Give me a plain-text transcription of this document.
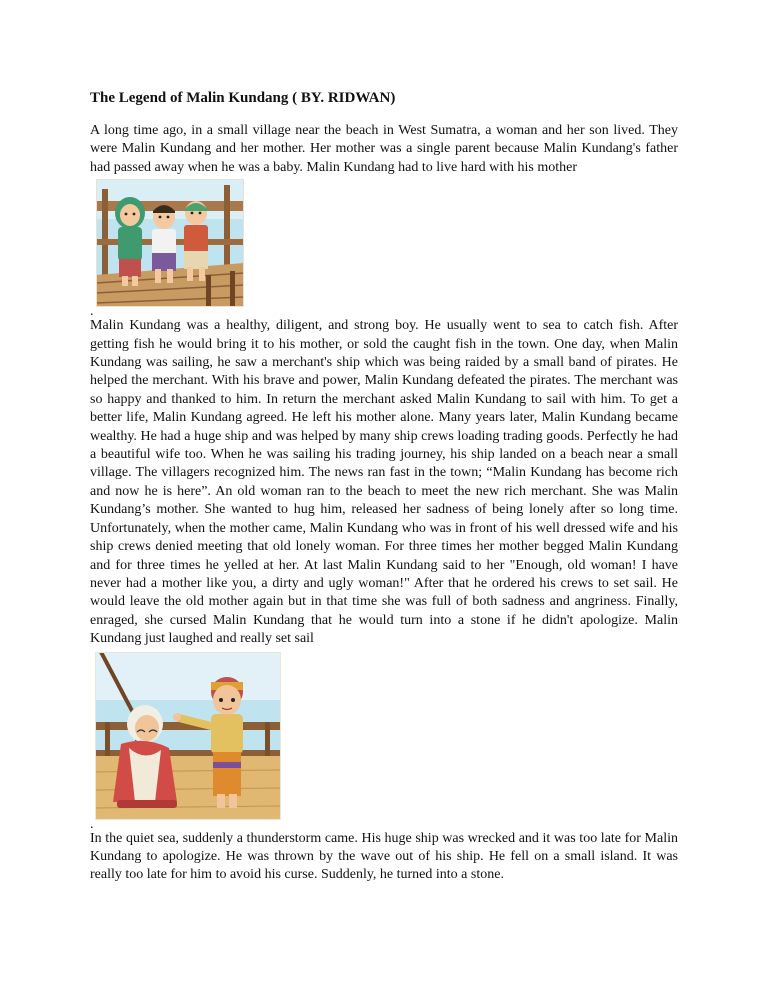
The Legend of Malin Kundang ( BY. RIDWAN)

A long time ago, in a small village near the beach in West Sumatra, a woman and her son lived. They were Malin Kundang and her mother. Her mother was a single parent because Malin Kundang's father had passed away when he was a baby. Malin Kundang had to live hard with his mother

.

Malin Kundang was a healthy, diligent, and strong boy. He usually went to sea to catch fish. After getting fish he would bring it to his mother, or sold the caught fish in the town. One day, when Malin Kundang was sailing, he saw a merchant's ship which was being raided by a small band of pirates. He helped the merchant. With his brave and power, Malin Kundang defeated the pirates. The merchant was so happy and thanked to him. In return the merchant asked Malin Kundang to sail with him. To get a better life, Malin Kundang agreed. He left his mother alone. Many years later, Malin Kundang became wealthy. He had a huge ship and was helped by many ship crews loading trading goods. Perfectly he had a beautiful wife too. When he was sailing his trading journey, his ship landed on a beach near a small village. The villagers recognized him. The news ran fast in the town; “Malin Kundang has become rich and now he is here”. An old woman ran to the beach to meet the new rich merchant. She was Malin Kundang’s mother. She wanted to hug him, released her sadness of being lonely after so long time. Unfortunately, when the mother came, Malin Kundang who was in front of his well dressed wife and his ship crews denied meeting that old lonely woman. For three times her mother begged Malin Kundang and for three times he yelled at her. At last Malin Kundang said to her "Enough, old woman! I have never had a mother like you, a dirty and ugly woman!" After that he ordered his crews to set sail. He would leave the old mother again but in that time she was full of both sadness and angriness. Finally, enraged, she cursed Malin Kundang that he would turn into a stone if he didn't apologize. Malin Kundang just laughed and really set sail

.

In the quiet sea, suddenly a thunderstorm came. His huge ship was wrecked and it was too late for Malin Kundang to apologize. He was thrown by the wave out of his ship. He fell on a small island. It was really too late for him to avoid his curse. Suddenly, he turned into a stone.
